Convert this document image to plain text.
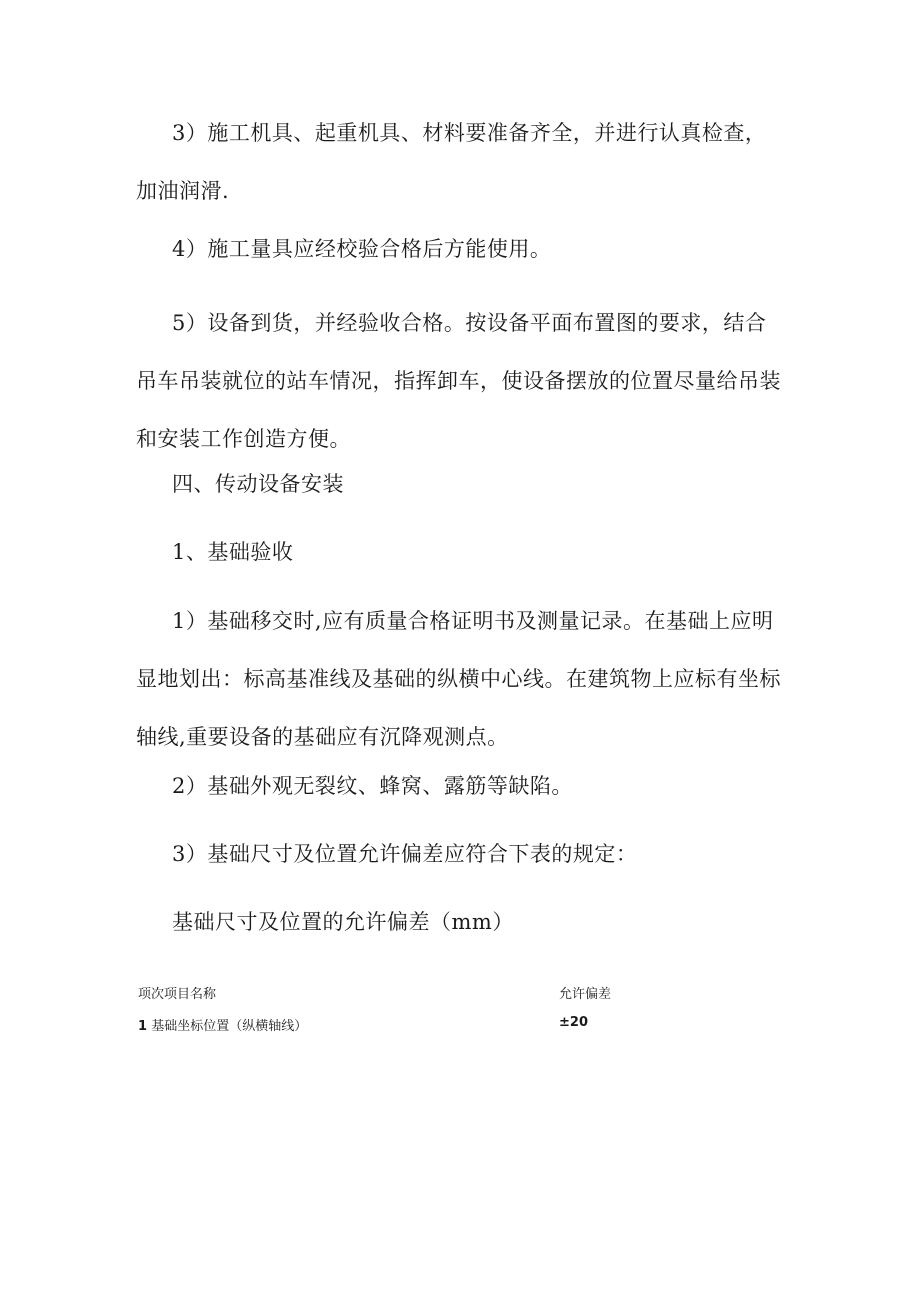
3）施工机具、起重机具、材料要准备齐全，并进行认真检查，加油润滑.

4）施工量具应经校验合格后方能使用。

5）设备到货，并经验收合格。按设备平面布置图的要求，结合吊车吊装就位的站车情况，指挥卸车，使设备摆放的位置尽量给吊装和安装工作创造方便。

四、传动设备安装

1、基础验收

1）基础移交时,应有质量合格证明书及测量记录。在基础上应明显地划出：标高基准线及基础的纵横中心线。在建筑物上应标有坐标轴线,重要设备的基础应有沉降观测点。

2）基础外观无裂纹、蜂窝、露筋等缺陷。

3）基础尺寸及位置允许偏差应符合下表的规定：

基础尺寸及位置的允许偏差（mm）

项次项目名称	允许偏差
1 基础坐标位置（纵横轴线）	±20
